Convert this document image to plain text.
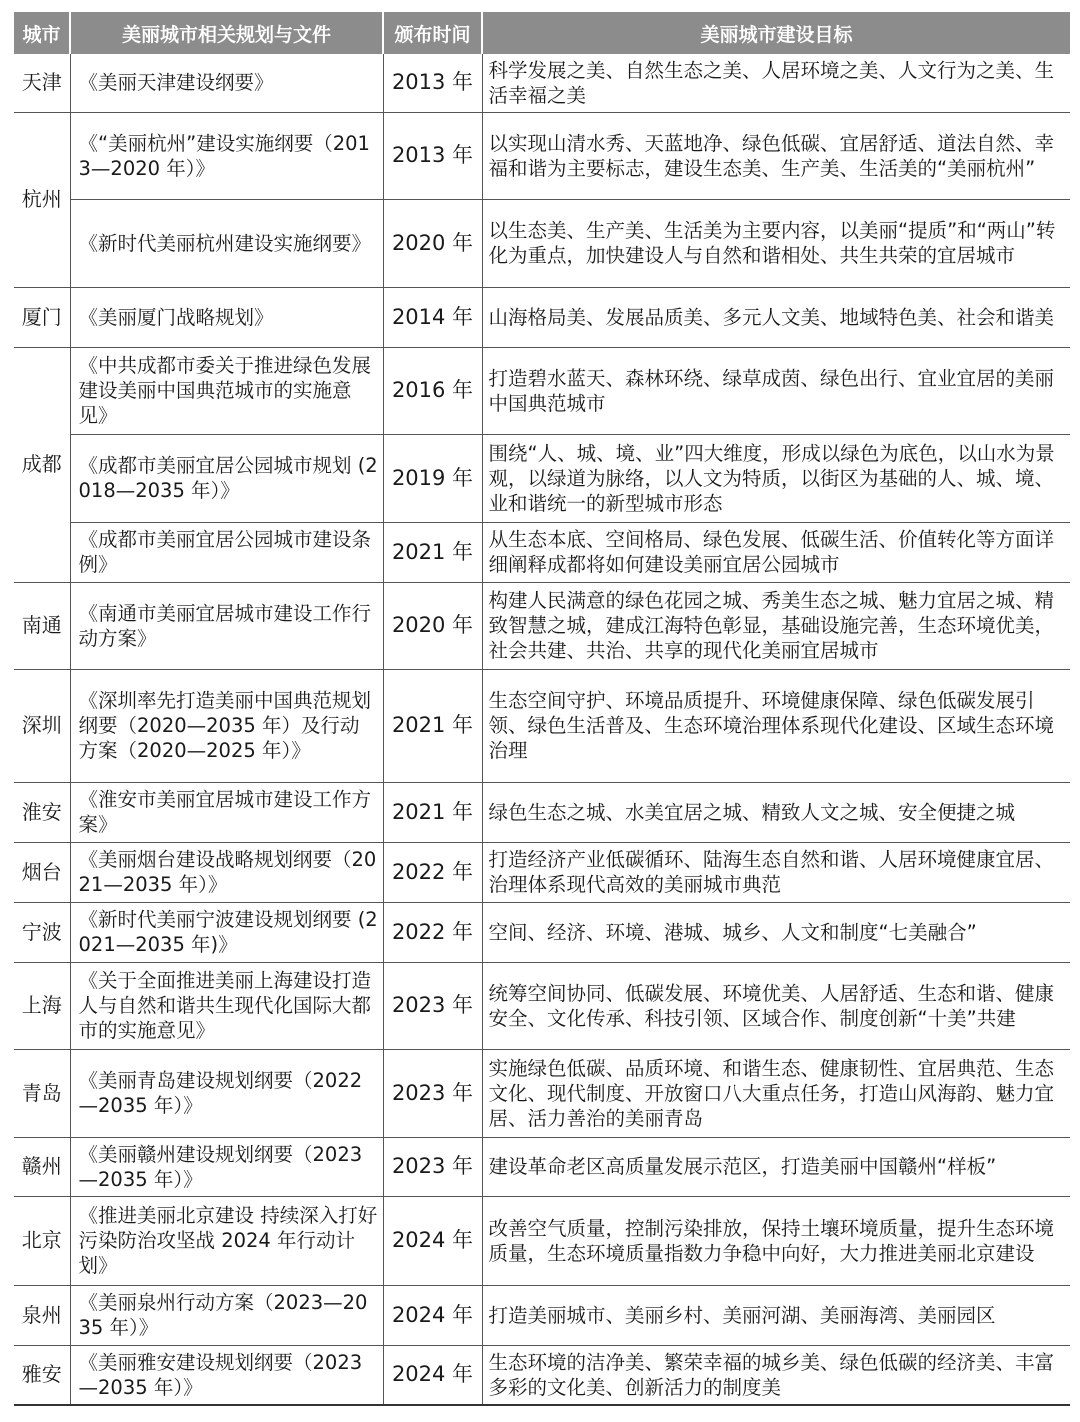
城市	美丽城市相关规划与文件	颁布时间	美丽城市建设目标
天津	《美丽天津建设纲要》	2013 年	科学发展之美、自然生态之美、人居环境之美、人文行为之美、生活幸福之美
杭州	《“美丽杭州”建设实施纲要（2013—2020 年）》	2013 年	以实现山清水秀、天蓝地净、绿色低碳、宜居舒适、道法自然、幸福和谐为主要标志，建设生态美、生产美、生活美的“美丽杭州”
	《新时代美丽杭州建设实施纲要》	2020 年	以生态美、生产美、生活美为主要内容，以美丽“提质”和“两山”转化为重点，加快建设人与自然和谐相处、共生共荣的宜居城市
厦门	《美丽厦门战略规划》	2014 年	山海格局美、发展品质美、多元人文美、地域特色美、社会和谐美
成都	《中共成都市委关于推进绿色发展建设美丽中国典范城市的实施意见》	2016 年	打造碧水蓝天、森林环绕、绿草成茵、绿色出行、宜业宜居的美丽中国典范城市
	《成都市美丽宜居公园城市规划 (2018—2035 年）》	2019 年	围绕“人、城、境、业”四大维度，形成以绿色为底色，以山水为景观，以绿道为脉络，以人文为特质，以街区为基础的人、城、境、业和谐统一的新型城市形态
	《成都市美丽宜居公园城市建设条例》	2021 年	从生态本底、空间格局、绿色发展、低碳生活、价值转化等方面详细阐释成都将如何建设美丽宜居公园城市
南通	《南通市美丽宜居城市建设工作行动方案》	2020 年	构建人民满意的绿色花园之城、秀美生态之城、魅力宜居之城、精致智慧之城，建成江海特色彰显，基础设施完善，生态环境优美，社会共建、共治、共享的现代化美丽宜居城市
深圳	《深圳率先打造美丽中国典范规划纲要（2020—2035 年）及行动方案（2020—2025 年）》	2021 年	生态空间守护、环境品质提升、环境健康保障、绿色低碳发展引领、绿色生活普及、生态环境治理体系现代化建设、区域生态环境治理
淮安	《淮安市美丽宜居城市建设工作方案》	2021 年	绿色生态之城、水美宜居之城、精致人文之城、安全便捷之城
烟台	《美丽烟台建设战略规划纲要（2021—2035 年）》	2022 年	打造经济产业低碳循环、陆海生态自然和谐、人居环境健康宜居、治理体系现代高效的美丽城市典范
宁波	《新时代美丽宁波建设规划纲要 (2021—2035 年)》	2022 年	空间、经济、环境、港城、城乡、人文和制度“七美融合”
上海	《关于全面推进美丽上海建设打造人与自然和谐共生现代化国际大都市的实施意见》	2023 年	统筹空间协同、低碳发展、环境优美、人居舒适、生态和谐、健康安全、文化传承、科技引领、区域合作、制度创新“十美”共建
青岛	《美丽青岛建设规划纲要（2022—2035 年）》	2023 年	实施绿色低碳、品质环境、和谐生态、健康韧性、宜居典范、生态文化、现代制度、开放窗口八大重点任务，打造山风海韵、魅力宜居、活力善治的美丽青岛
赣州	《美丽赣州建设规划纲要（2023—2035 年）》	2023 年	建设革命老区高质量发展示范区，打造美丽中国赣州“样板”
北京	《推进美丽北京建设 持续深入打好污染防治攻坚战 2024 年行动计划》	2024 年	改善空气质量，控制污染排放，保持土壤环境质量，提升生态环境质量，生态环境质量指数力争稳中向好，大力推进美丽北京建设
泉州	《美丽泉州行动方案（2023—2035 年）》	2024 年	打造美丽城市、美丽乡村、美丽河湖、美丽海湾、美丽园区
雅安	《美丽雅安建设规划纲要（2023—2035 年）》	2024 年	生态环境的洁净美、繁荣幸福的城乡美、绿色低碳的经济美、丰富多彩的文化美、创新活力的制度美
